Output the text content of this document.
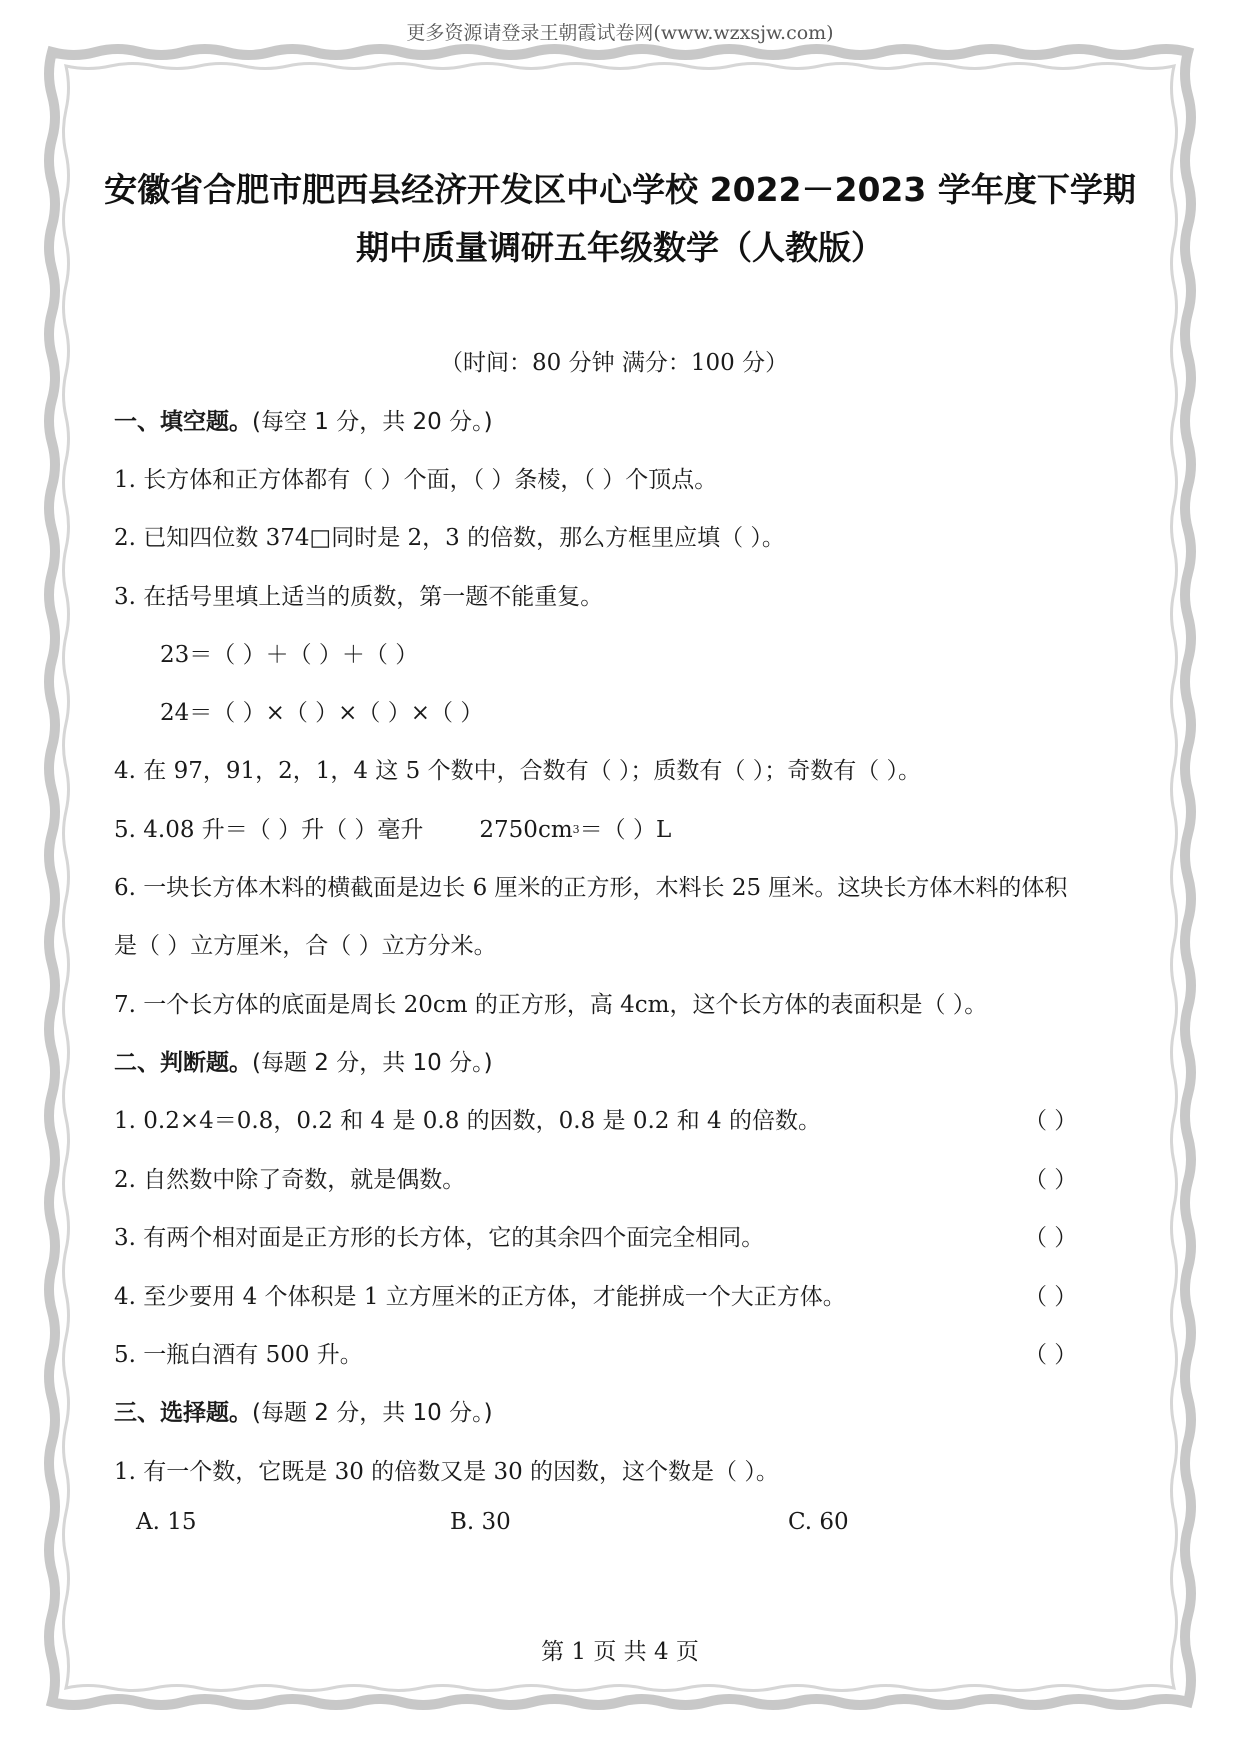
更多资源请登录王朝霞试卷网(www.wzxsjw.com)
安徽省合肥市肥西县经济开发区中心学校 2022－2023 学年度下学期
期中质量调研五年级数学（人教版）
（时间：80 分钟 满分：100 分）
一、填空题。(每空 1 分，共 20 分。)
1. 长方体和正方体都有（ ）个面，（ ）条棱，（ ）个顶点。
2. 已知四位数 374□同时是 2，3 的倍数，那么方框里应填（ ）。
3. 在括号里填上适当的质数，第一题不能重复。
23＝（ ）＋（ ）＋（ ）
24＝（ ）×（ ）×（ ）×（ ）
4. 在 97，91，2，1，4 这 5 个数中，合数有（ ）；质数有（ ）；奇数有（ ）。
5. 4.08 升＝（ ）升（ ）毫升 $2750cm^3=$（ ）L
6. 一块长方体木料的横截面是边长 6 厘米的正方形，木料长 25 厘米。这块长方体木料的体积
是（ ）立方厘米，合（ ）立方分米。
7. 一个长方体的底面是周长 20cm 的正方形，高 4cm，这个长方体的表面积是（ ）。
二、判断题。(每题 2 分，共 10 分。)
1. 0.2×4＝0.8，0.2 和 4 是 0.8 的因数，0.8 是 0.2 和 4 的倍数。	（ ）
2. 自然数中除了奇数，就是偶数。	（ ）
3. 有两个相对面是正方形的长方体，它的其余四个面完全相同。	（ ）
4. 至少要用 4 个体积是 1 立方厘米的正方体，才能拼成一个大正方体。	（ ）
5. 一瓶白酒有 500 升。	（ ）
三、选择题。(每题 2 分，共 10 分。)
1. 有一个数，它既是 30 的倍数又是 30 的因数，这个数是（ ）。
A. 15	B. 30	C. 60
第 1 页 共 4 页
